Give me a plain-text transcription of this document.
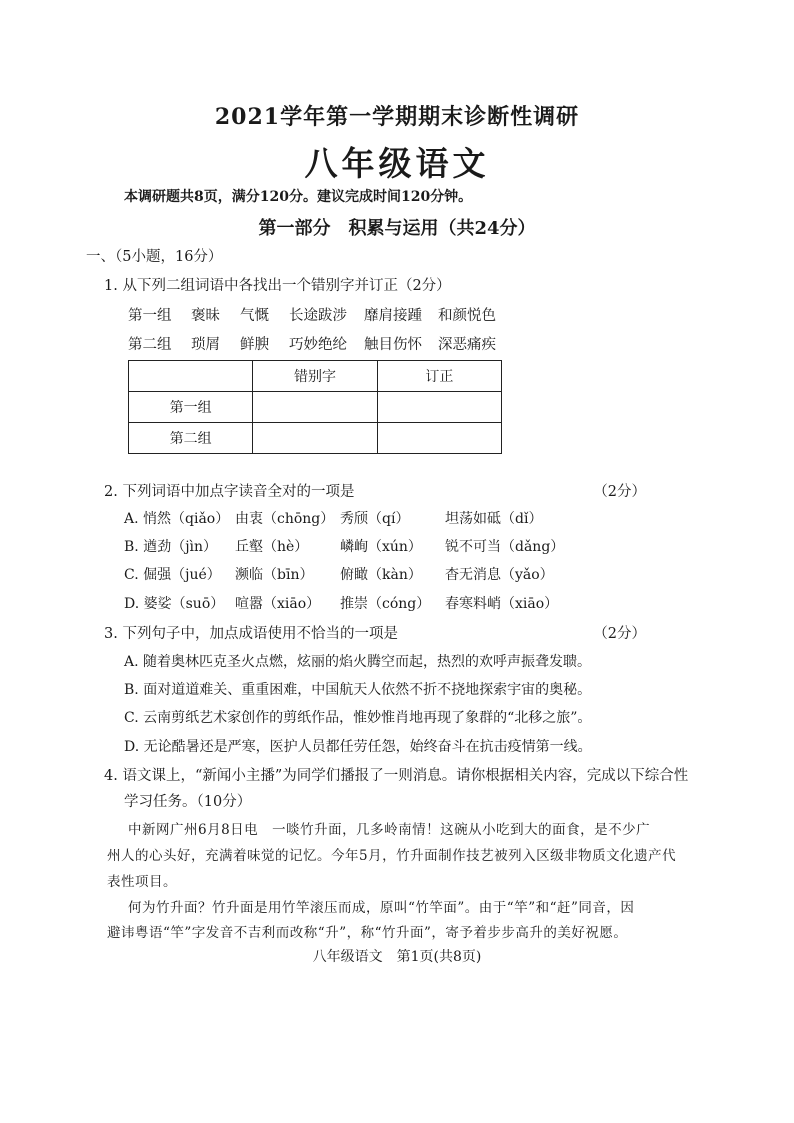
2021学年第一学期期末诊断性调研
八年级语文
本调研题共8页，满分120分。建议完成时间120分钟。
第一部分　积累与运用（共24分）
一、（5小题，16分）
1. 从下列二组词语中各找出一个错别字并订正（2分）
第一组 褒昧 气慨 长途跋涉 靡肩接踵 和颜悦色
第二组 琐屑 鲜腴 巧妙绝纶 触目伤怀 深恶痛疾
	错别字	订正
第一组		
第二组		
2. 下列词语中加点字读音全对的一项是	（2分）
A. 悄然（qiǎo） 由衷（chōng） 秀颀（qí）	坦荡如砥（dǐ）
B. 遒劲（jìn） 丘壑（hè） 嶙峋（xún） 锐不可当（dǎng）
C. 倔强（jué） 濒临（bīn） 俯瞰（kàn） 杳无消息（yǎo）
D. 婆娑（suō） 喧嚣（xiāo） 推崇（cóng） 春寒料峭（xiāo）
3. 下列句子中，加点成语使用不恰当的一项是	（2分）
A. 随着奥林匹克圣火点燃，炫丽的焰火腾空而起，热烈的欢呼声振聋发聩。
B. 面对道道难关、重重困难，中国航天人依然不折不挠地探索宇宙的奥秘。
C. 云南剪纸艺术家创作的剪纸作品，惟妙惟肖地再现了象群的“北移之旅”。
D. 无论酷暑还是严寒，医护人员都任劳任怨，始终奋斗在抗击疫情第一线。
4. 语文课上，“新闻小主播”为同学们播报了一则消息。请你根据相关内容，完成以下综合性
学习任务。（10分）
中新网广州6月8日电　一啖竹升面，几多岭南情！这碗从小吃到大的面食，是不少广
州人的心头好，充满着味觉的记忆。今年5月，竹升面制作技艺被列入区级非物质文化遗产代
表性项目。
何为竹升面？竹升面是用竹竿滚压而成，原叫“竹竿面”。由于“竿”和“赶”同音，因
避讳粤语“竿”字发音不吉利而改称“升”，称“竹升面”，寄予着步步高升的美好祝愿。
八年级语文　第1页(共8页)
